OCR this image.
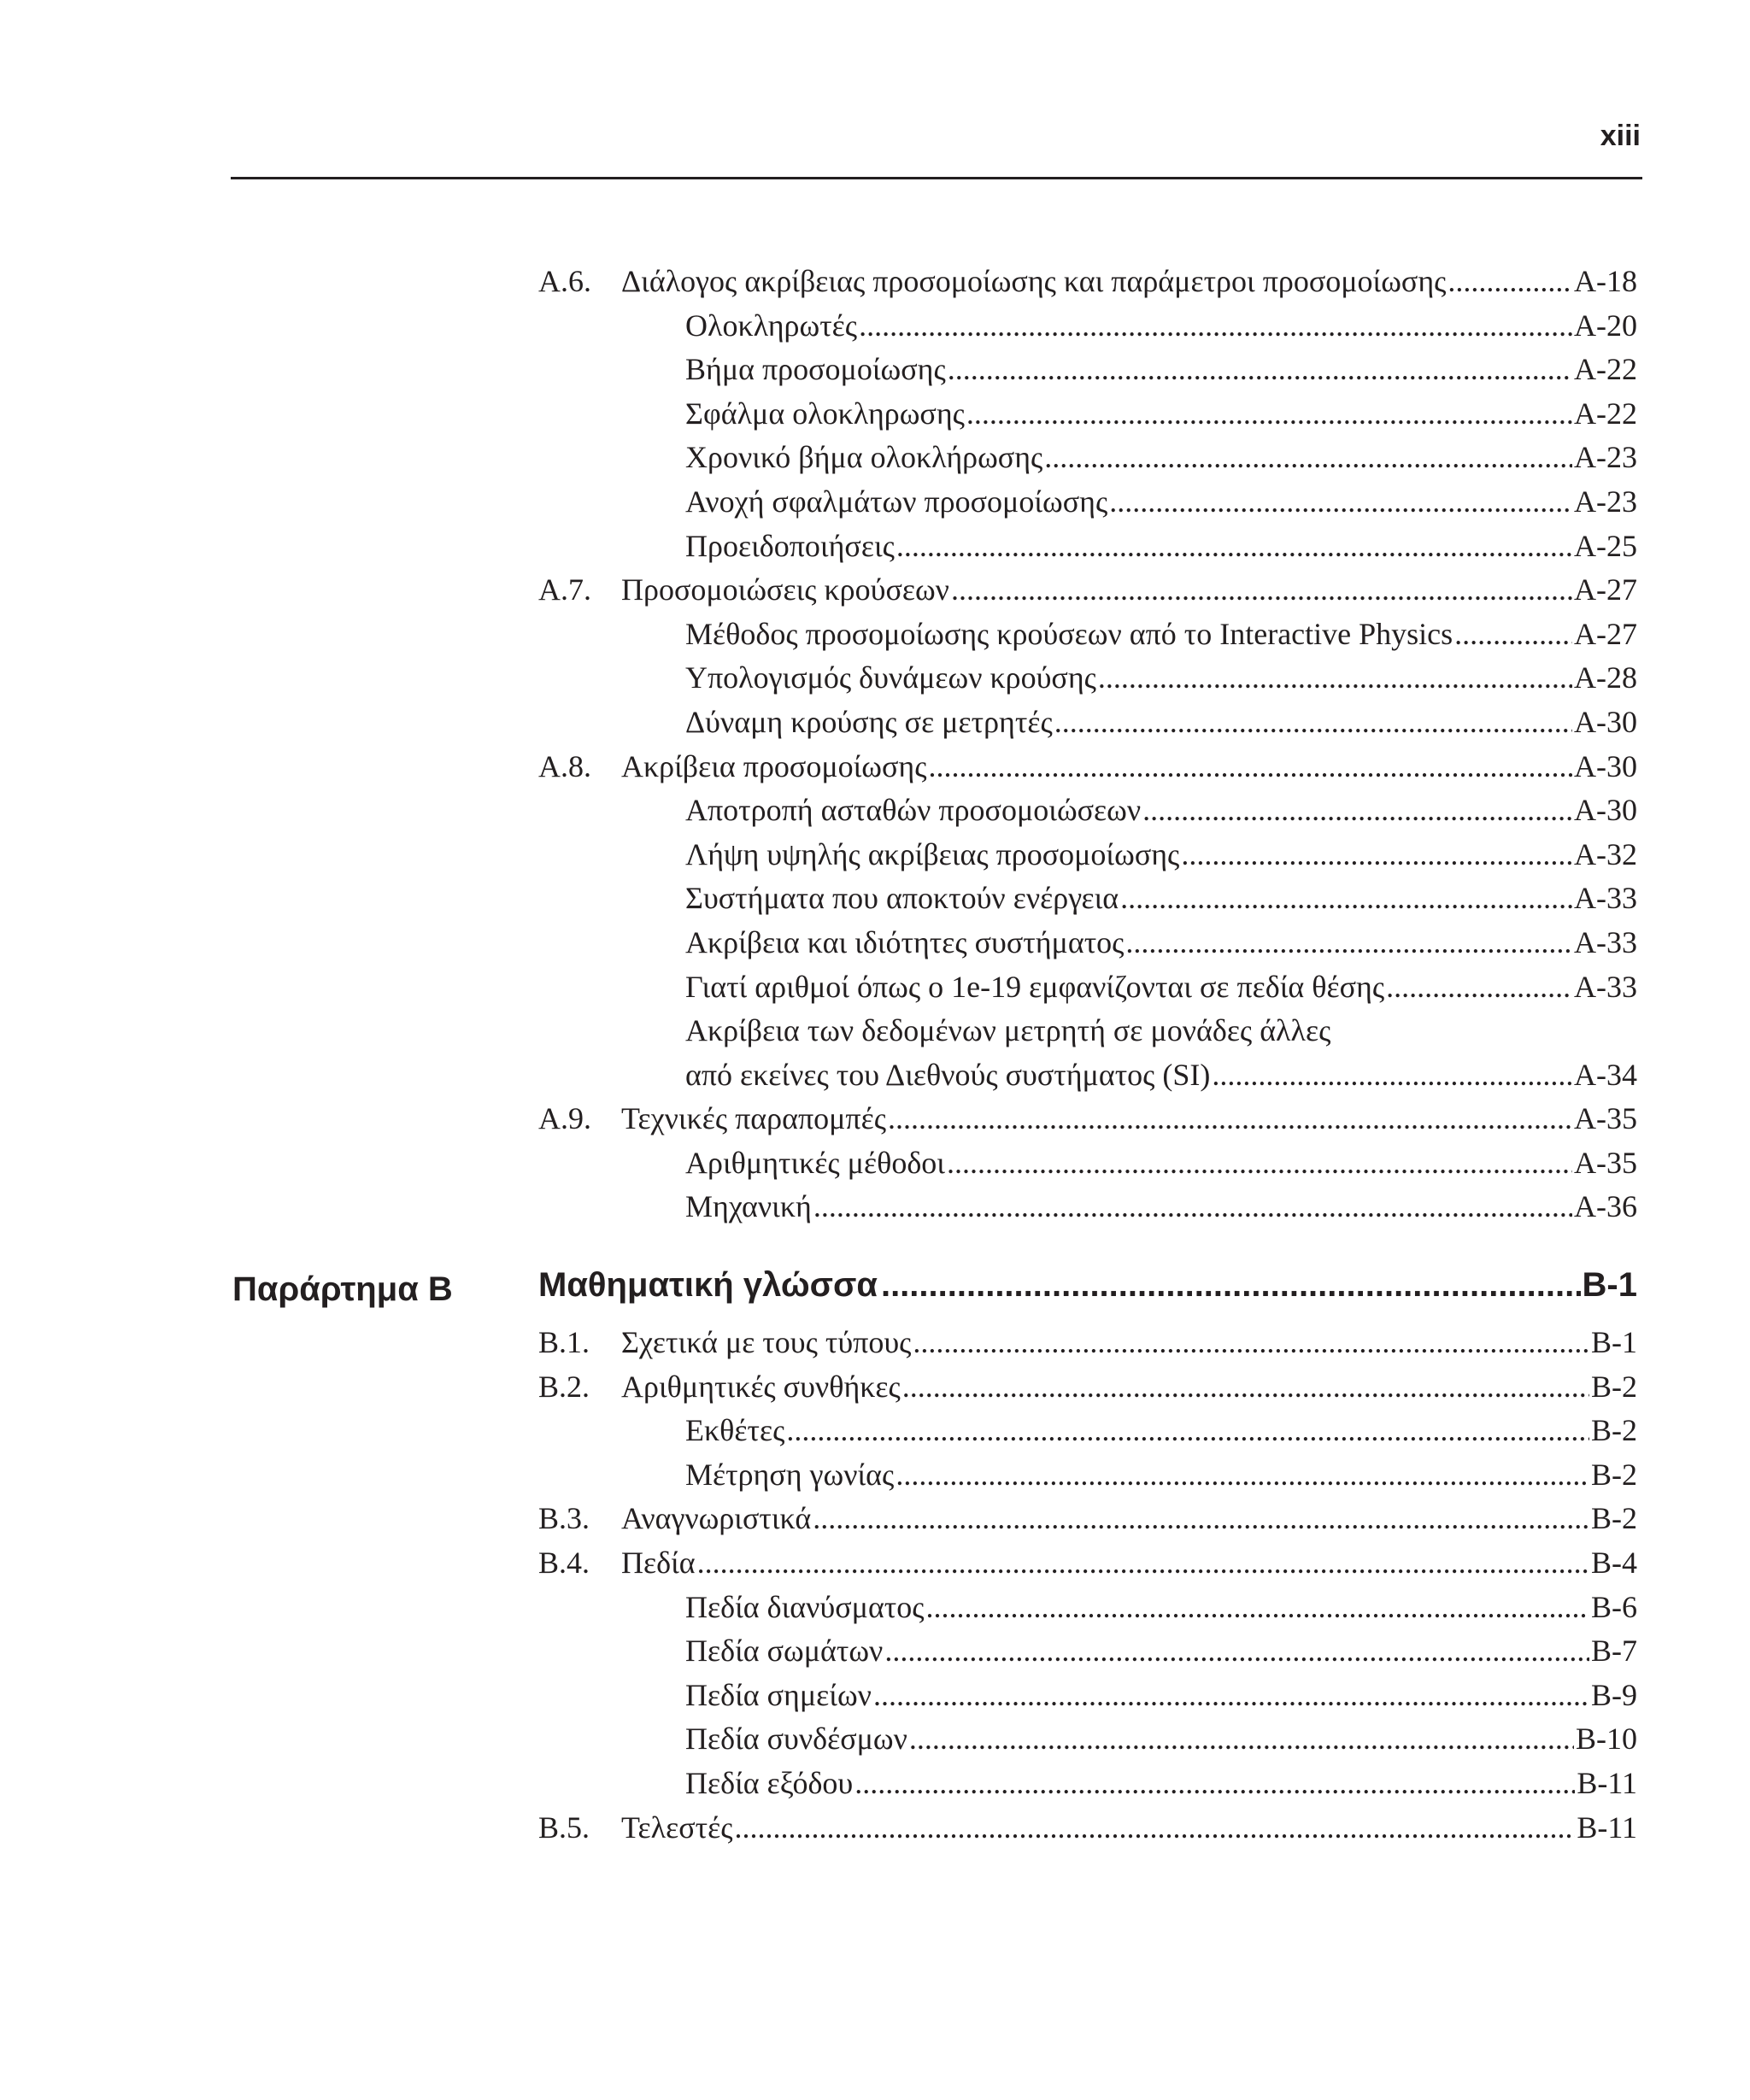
xiii
Α.6. Διάλογος ακρίβειας προσομοίωσης και παράμετροι προσομοίωσης .....	A-18
Ολοκληρωτές .....	A-20
Βήμα προσομοίωσης .....	A-22
Σφάλμα ολοκληρωσης .....	A-22
Χρονικό βήμα ολοκλήρωσης .....	A-23
Ανοχή σφαλμάτων προσομοίωσης .....	A-23
Προειδοποιήσεις .....	A-25
Α.7. Προσομοιώσεις κρούσεων .....	A-27
Μέθοδος προσομοίωσης κρούσεων από το Interactive Physics .....	A-27
Υπολογισμός δυνάμεων κρούσης .....	A-28
Δύναμη κρούσης σε μετρητές .....	A-30
Α.8. Ακρίβεια προσομοίωσης .....	A-30
Αποτροπή ασταθών προσομοιώσεων .....	A-30
Λήψη υψηλής ακρίβειας προσομοίωσης .....	A-32
Συστήματα που αποκτούν ενέργεια .....	A-33
Ακρίβεια και ιδιότητες συστήματος .....	A-33
Γιατί αριθμοί όπως ο 1e-19 εμφανίζονται σε πεδία θέσης .....	A-33
Ακρίβεια των δεδομένων μετρητή σε μονάδες άλλες
από εκείνες του Διεθνούς συστήματος (SI) .....	A-34
Α.9. Τεχνικές παραπομπές .....	A-35
Αριθμητικές μέθοδοι .....	A-35
Μηχανική .....	A-36
Παράρτημα Β	Μαθηματική γλώσσα .....	B-1
Β.1.	Σχετικά με τους τύπους .....	B-1
Β.2.	Αριθμητικές συνθήκες .....	B-2
Εκθέτες .....	B-2
Μέτρηση γωνίας .....	B-2
Β.3.	Αναγνωριστικά .....	B-2
Β.4.	Πεδία .....	B-4
Πεδία διανύσματος .....	B-6
Πεδία σωμάτων .....	B-7
Πεδία σημείων .....	B-9
Πεδία συνδέσμων .....	B-10
Πεδία εξόδου .....	B-11
Β.5.	Τελεστές .....	B-11
